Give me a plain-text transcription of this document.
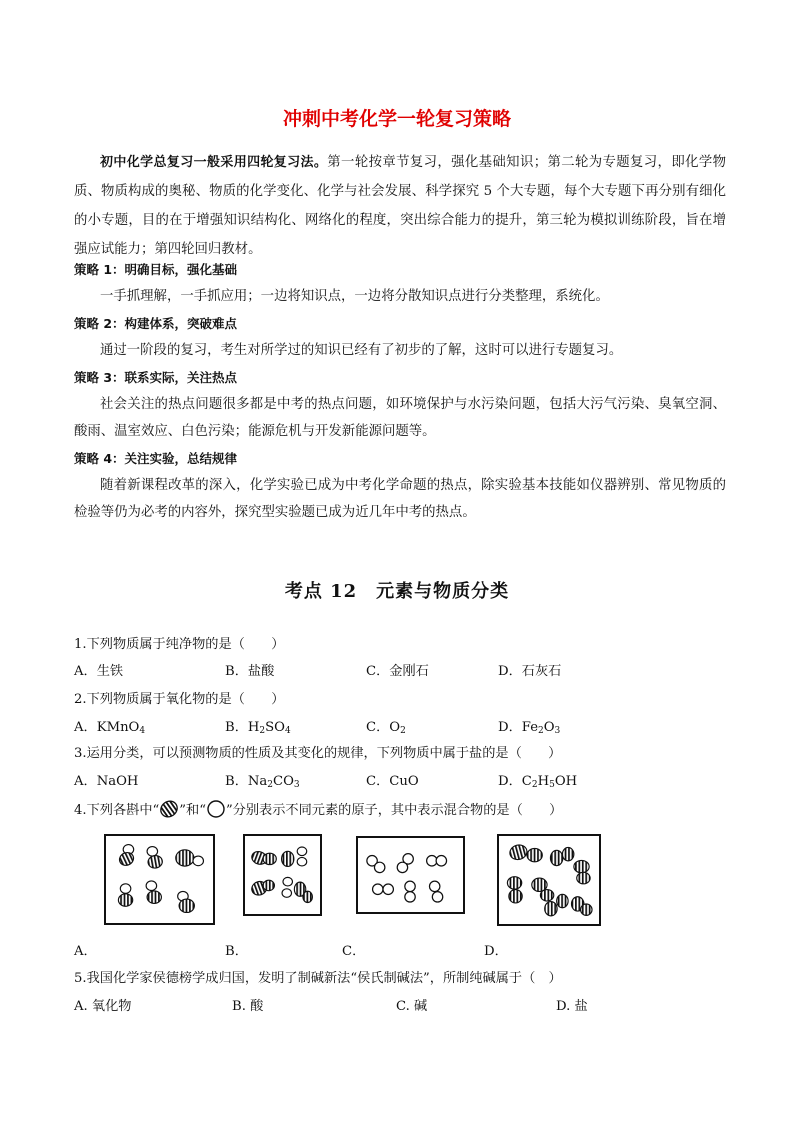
冲刺中考化学一轮复习策略

初中化学总复习一般采用四轮复习法。第一轮按章节复习，强化基础知识；第二轮为专题复习，即化学物质、物质构成的奥秘、物质的化学变化、化学与社会发展、科学探究 5 个大专题，每个大专题下再分别有细化的小专题，目的在于增强知识结构化、网络化的程度，突出综合能力的提升，第三轮为模拟训练阶段，旨在增强应试能力；第四轮回归教材。

策略 1：明确目标，强化基础

一手抓理解，一手抓应用；一边将知识点，一边将分散知识点进行分类整理，系统化。

策略 2：构建体系，突破难点

通过一阶段的复习，考生对所学过的知识已经有了初步的了解，这时可以进行专题复习。

策略 3：联系实际，关注热点

社会关注的热点问题很多都是中考的热点问题，如环境保护与水污染问题，包括大污气污染、臭氧空洞、酸雨、温室效应、白色污染；能源危机与开发新能源问题等。

策略 4：关注实验，总结规律

随着新课程改革的深入，化学实验已成为中考化学命题的热点，除实验基本技能如仪器辨别、常见物质的检验等仍为必考的内容外，探究型实验题已成为近几年中考的热点。

考点 12　元素与物质分类
1.下列物质属于纯净物的是（　　）
A．生铁	B．盐酸	C．金刚石	D．石灰石
2.下列物质属于氧化物的是（　　）
A．KMnO$_4$	B．$H_2SO_4$	C．$O_2$	D．$Fe_2O_3$
3.运用分类，可以预测物质的性质及其变化的规律，下列物质中属于盐的是（　　）
A．NaOH	B．$Na_2CO_3$	C．CuO	D．$C_2H_5OH$
4.下列各斟中“ ”和“ ”分别表示不同元素的原子，其中表示混合物的是（　　）
A．	B．	C．	D．
5.我国化学家侯德榜学成归国，发明了制碱新法“侯氏制碱法”，所制纯碱属于（　）
A. 氧化物	B. 酸	C. 碱	D. 盐
